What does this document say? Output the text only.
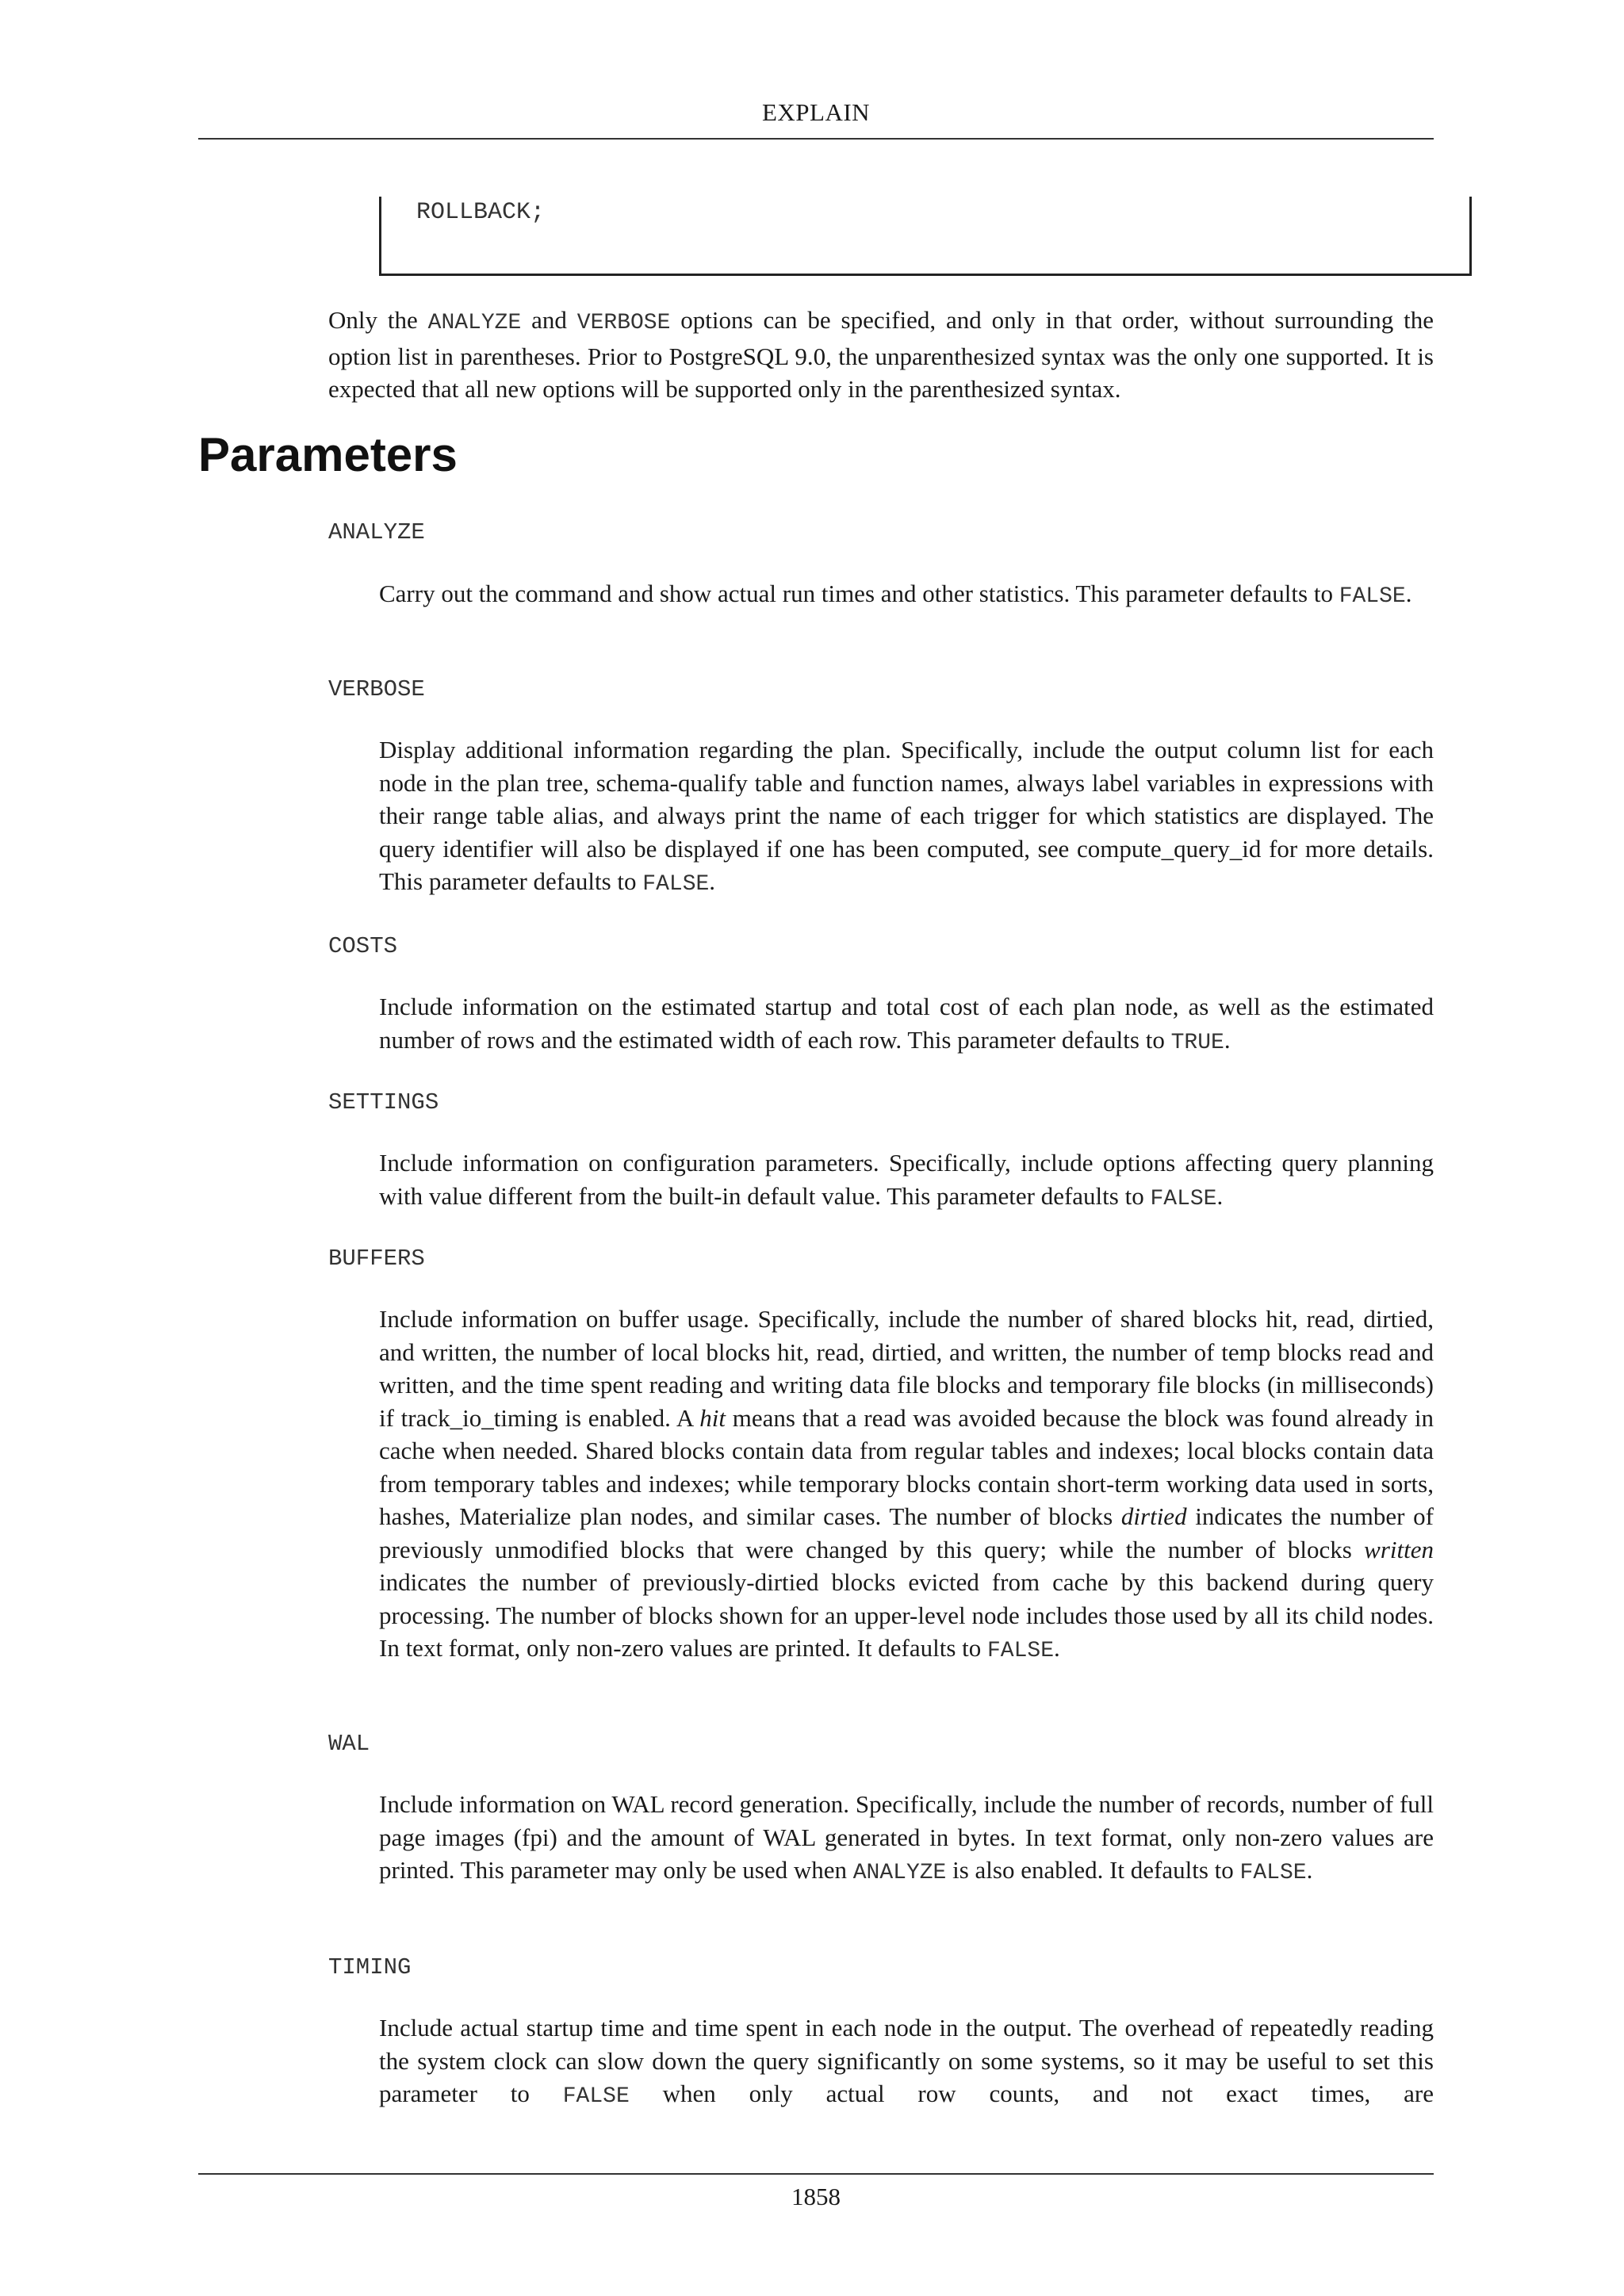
EXPLAIN
ROLLBACK;

Only the ANALYZE and VERBOSE options can be specified, and only in that order, without surrounding the option list in parentheses. Prior to PostgreSQL 9.0, the unparenthesized syntax was the only one supported. It is expected that all new options will be supported only in the parenthesized syntax.

Parameters
ANALYZE

Carry out the command and show actual run times and other statistics. This parameter defaults to FALSE.

VERBOSE

Display additional information regarding the plan. Specifically, include the output column list for each node in the plan tree, schema-qualify table and function names, always label variables in expressions with their range table alias, and always print the name of each trigger for which statistics are displayed. The query identifier will also be displayed if one has been computed, see compute_query_id for more details. This parameter defaults to FALSE.

COSTS

Include information on the estimated startup and total cost of each plan node, as well as the estimated number of rows and the estimated width of each row. This parameter defaults to TRUE.

SETTINGS

Include information on configuration parameters. Specifically, include options affecting query planning with value different from the built-in default value. This parameter defaults to FALSE.

BUFFERS

Include information on buffer usage. Specifically, include the number of shared blocks hit, read, dirtied, and written, the number of local blocks hit, read, dirtied, and written, the number of temp blocks read and written, and the time spent reading and writing data file blocks and temporary file blocks (in milliseconds) if track_io_timing is enabled. A hit means that a read was avoided because the block was found already in cache when needed. Shared blocks contain data from regular tables and indexes; local blocks contain data from temporary tables and indexes; while temporary blocks contain short-term working data used in sorts, hashes, Materialize plan nodes, and similar cases. The number of blocks dirtied indicates the number of previously unmodified blocks that were changed by this query; while the number of blocks written indicates the number of previously-dirtied blocks evicted from cache by this backend during query processing. The number of blocks shown for an upper-level node includes those used by all its child nodes. In text format, only non-zero values are printed. It defaults to FALSE.

WAL

Include information on WAL record generation. Specifically, include the number of records, number of full page images (fpi) and the amount of WAL generated in bytes. In text format, only non-zero values are printed. This parameter may only be used when ANALYZE is also enabled. It defaults to FALSE.

TIMING

Include actual startup time and time spent in each node in the output. The overhead of repeatedly reading the system clock can slow down the query significantly on some systems, so it may be useful to set this parameter to FALSE when only actual row counts, and not exact times, are

1858
